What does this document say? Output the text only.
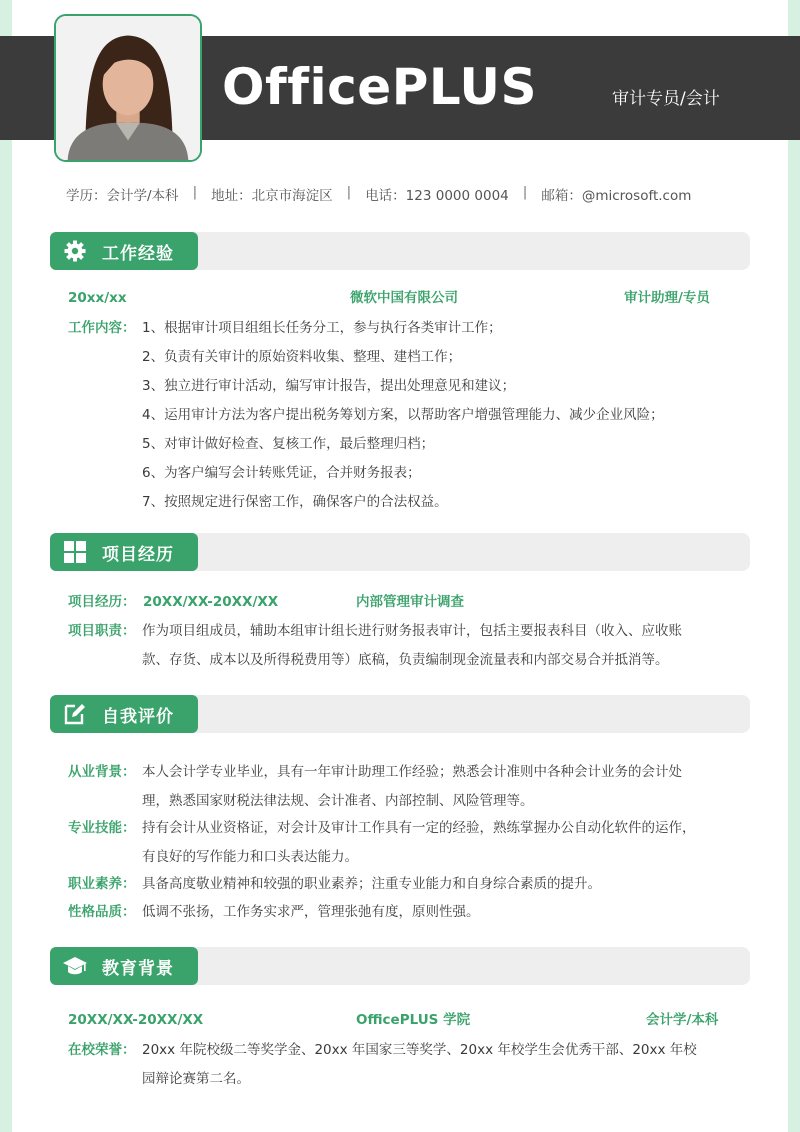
OfficePLUS	审计专员/会计
学历：会计学/本科 | 地址：北京市海淀区 | 电话：123 0000 0004 | 邮箱：@microsoft.com
工作经验
20xx/xx	微软中国有限公司	审计助理/专员
工作内容： 1、根据审计项目组组长任务分工，参与执行各类审计工作；
2、负责有关审计的原始资料收集、整理、建档工作；
3、独立进行审计活动，编写审计报告，提出处理意见和建议；
4、运用审计方法为客户提出税务筹划方案，以帮助客户增强管理能力、减少企业风险；
5、对审计做好检查、复核工作，最后整理归档；
6、为客户编写会计转账凭证，合并财务报表；
7、按照规定进行保密工作，确保客户的合法权益。
项目经历
项目经历： 20XX/XX-20XX/XX	内部管理审计调查
项目职责： 作为项目组成员，辅助本组审计组长进行财务报表审计，包括主要报表科目（收入、应收账
款、存货、成本以及所得税费用等）底稿，负责编制现金流量表和内部交易合并抵消等。
自我评价
从业背景： 本人会计学专业毕业，具有一年审计助理工作经验；熟悉会计准则中各种会计业务的会计处
理，熟悉国家财税法律法规、会计准者、内部控制、风险管理等。
专业技能： 持有会计从业资格证，对会计及审计工作具有一定的经验，熟练掌握办公自动化软件的运作，
有良好的写作能力和口头表达能力。
职业素养： 具备高度敬业精神和较强的职业素养；注重专业能力和自身综合素质的提升。
性格品质： 低调不张扬，工作务实求严，管理张弛有度，原则性强。
教育背景
20XX/XX-20XX/XX	OfficePLUS 学院	会计学/本科
在校荣誉： 20xx 年院校级二等奖学金、20xx 年国家三等奖学、20xx 年校学生会优秀干部、20xx 年校
园辩论赛第二名。
